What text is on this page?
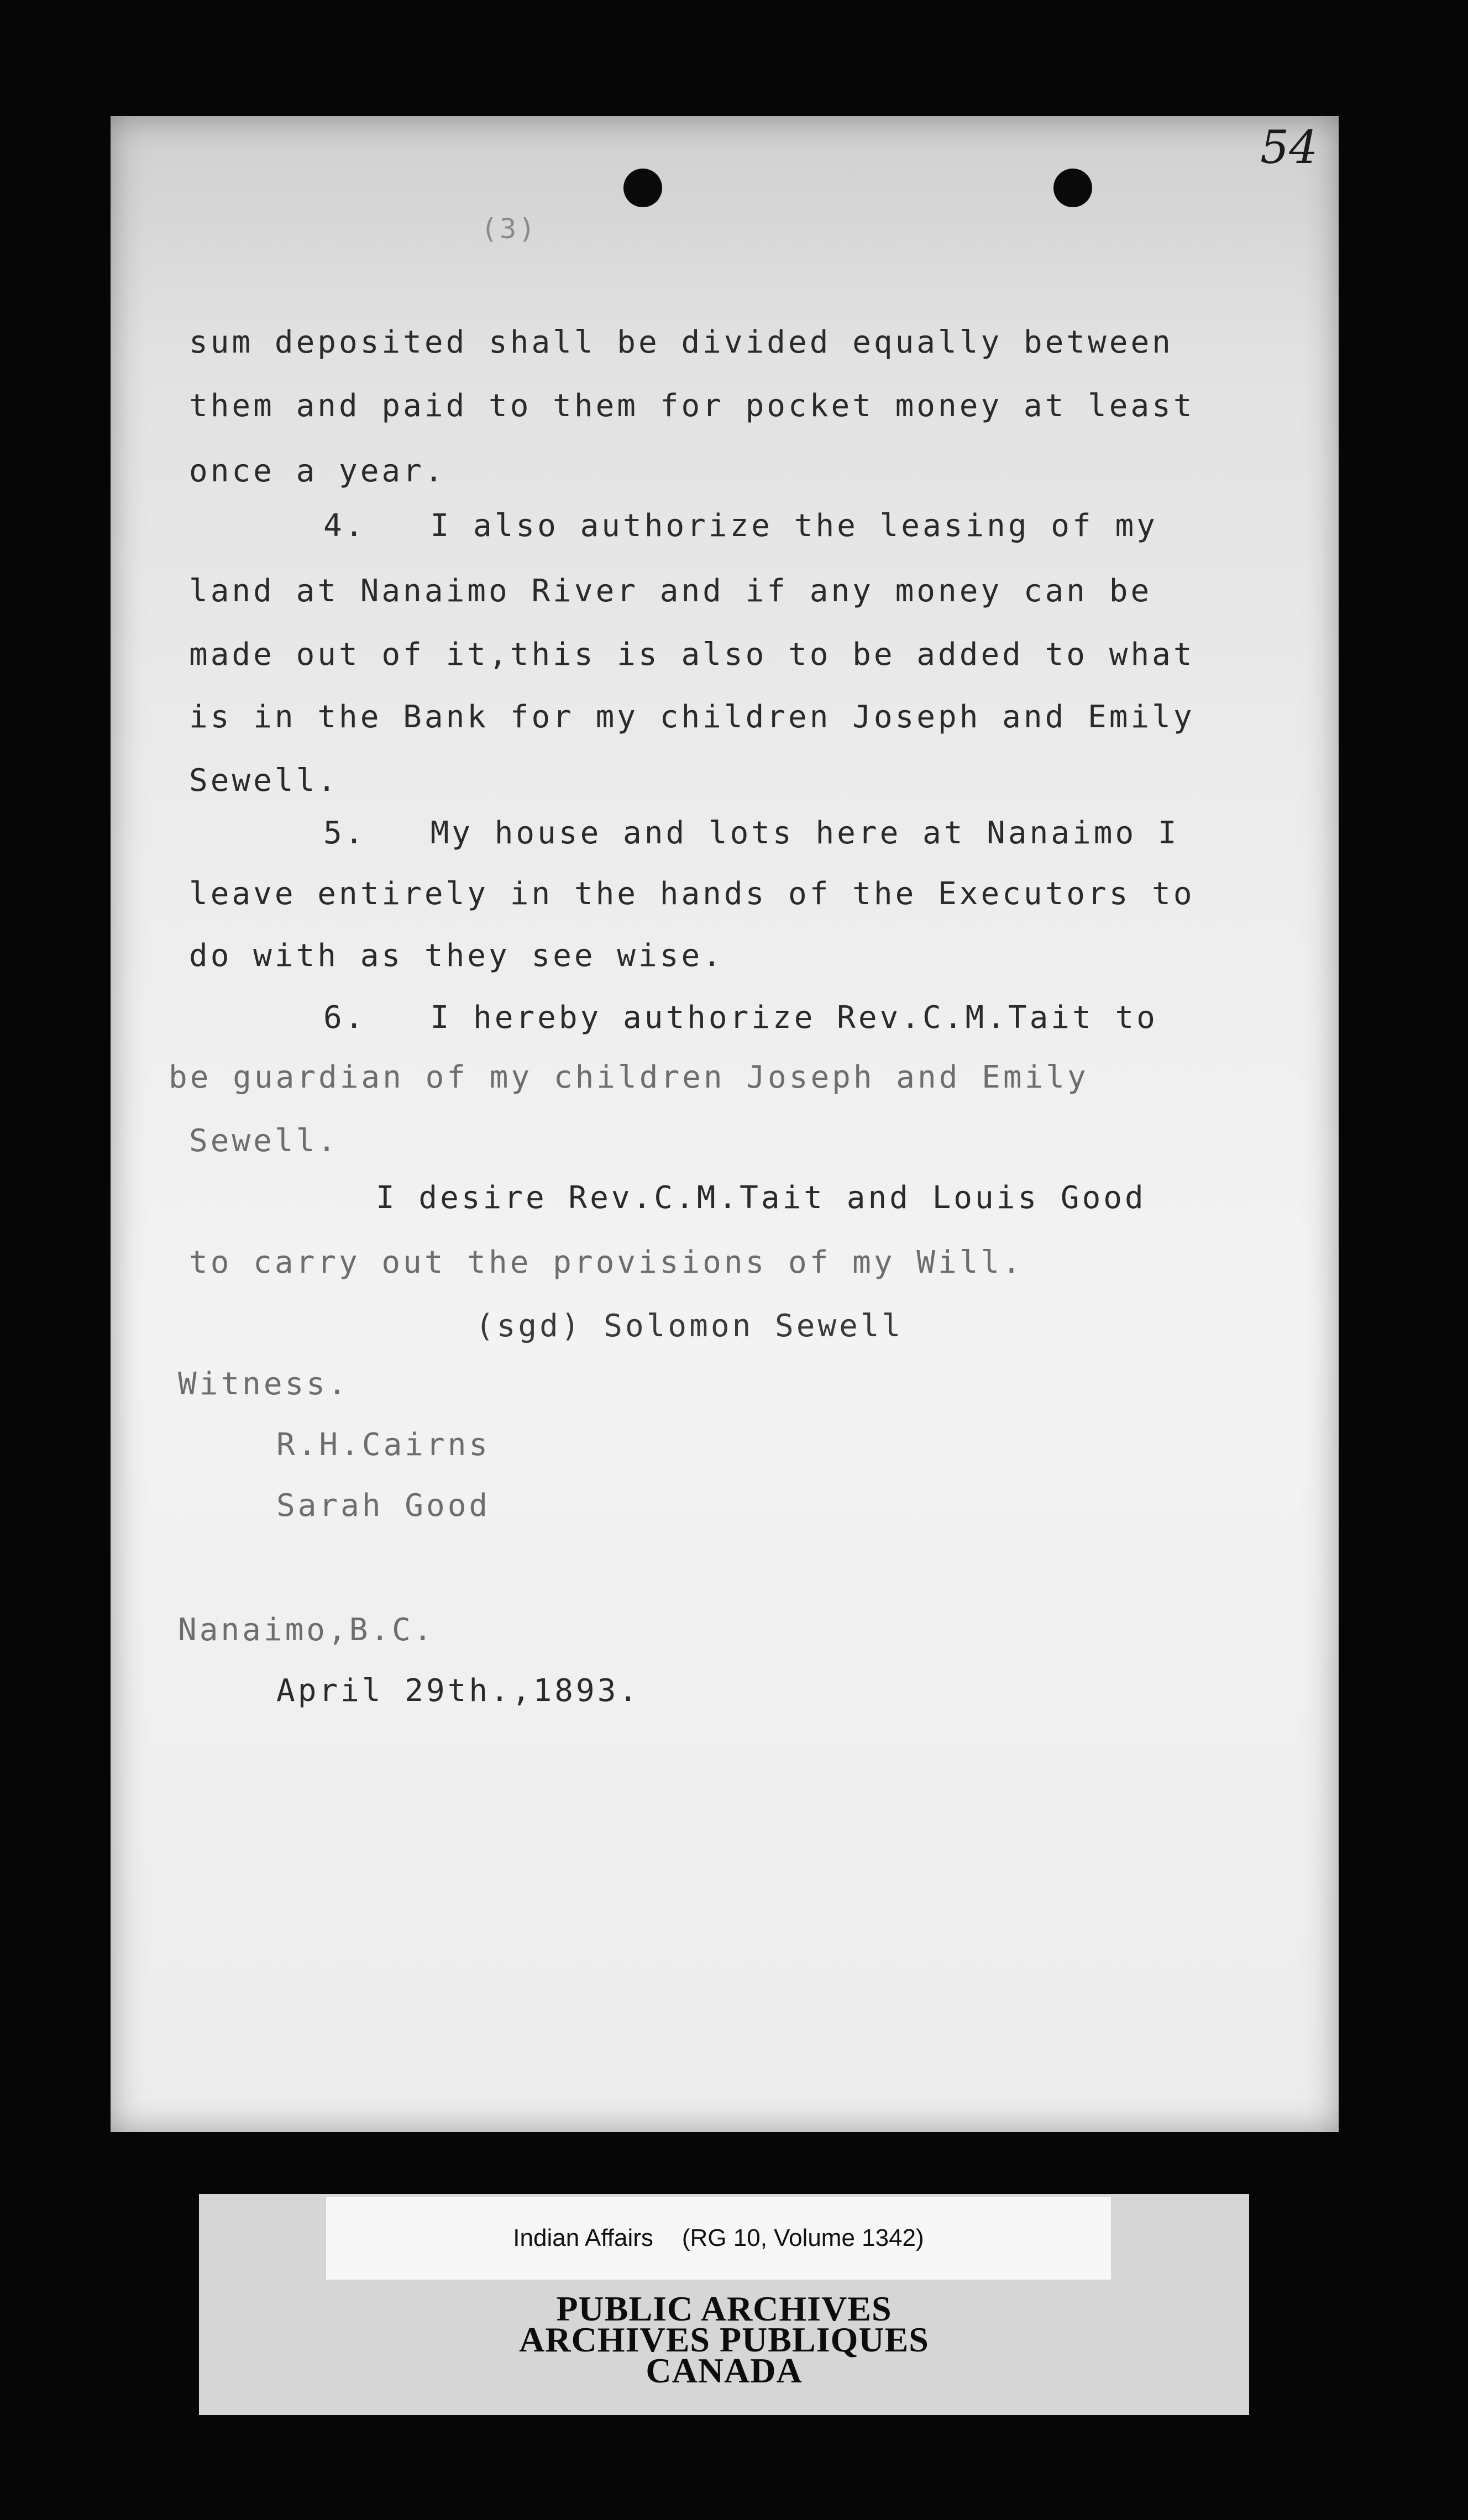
54
(3)
sum deposited shall be divided equally between
them and paid to them for pocket money at least
once a year.
4.   I also authorize the leasing of my
land at Nanaimo River and if any money can be
made out of it,this is also to be added to what
is in the Bank for my children Joseph and Emily
Sewell.
5.   My house and lots here at Nanaimo I
leave entirely in the hands of the Executors to
do with as they see wise.
6.   I hereby authorize Rev.C.M.Tait to
be guardian of my children Joseph and Emily
Sewell.
I desire Rev.C.M.Tait and Louis Good
to carry out the provisions of my Will.
(sgd) Solomon Sewell
Witness.
R.H.Cairns
Sarah Good
Nanaimo,B.C.
April 29th.,1893.
Indian Affairs (RG 10, Volume 1342)
PUBLIC ARCHIVES
ARCHIVES PUBLIQUES
CANADA
